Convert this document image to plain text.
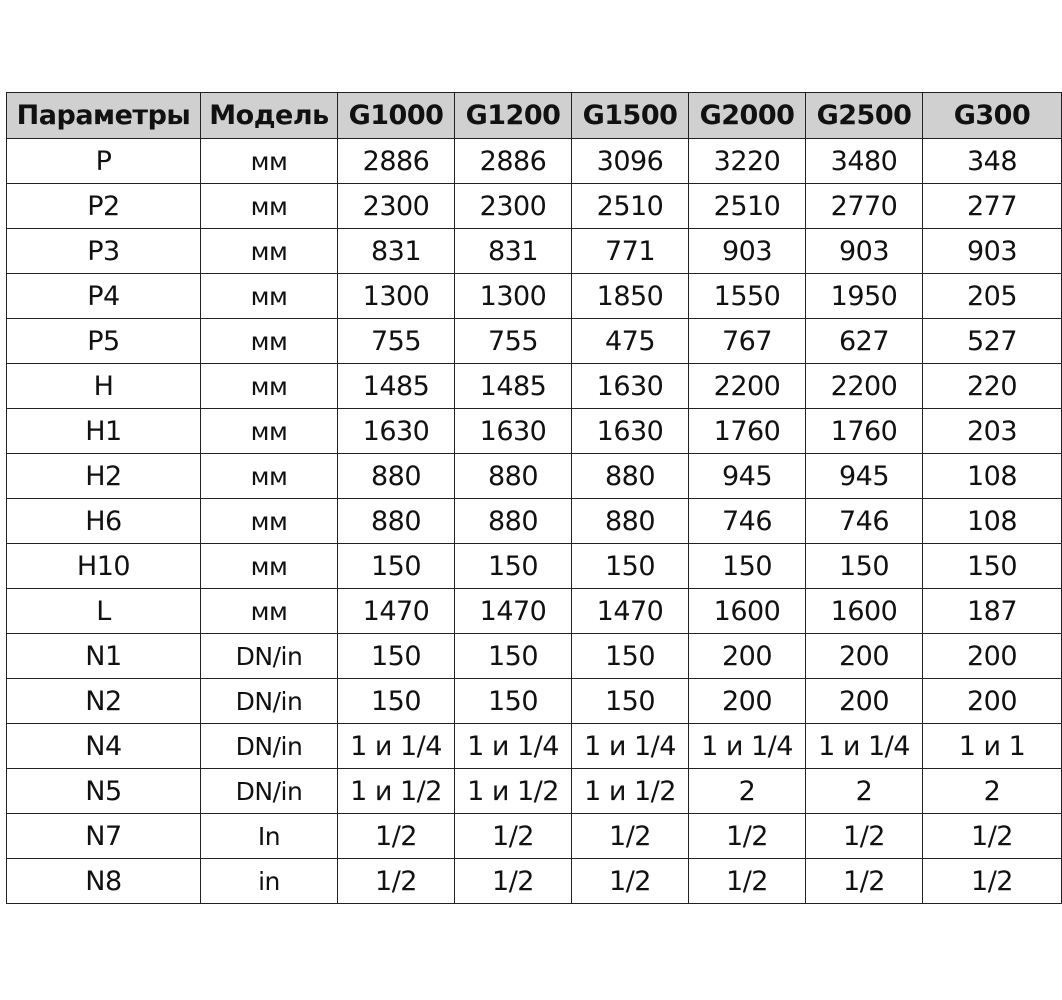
Параметры	Модель	G1000	G1200	G1500	G2000	G2500	G300
P	мм	2886	2886	3096	3220	3480	348
P2	мм	2300	2300	2510	2510	2770	277
P3	мм	831	831	771	903	903	903
P4	мм	1300	1300	1850	1550	1950	205
P5	мм	755	755	475	767	627	527
H	мм	1485	1485	1630	2200	2200	220
H1	мм	1630	1630	1630	1760	1760	203
H2	мм	880	880	880	945	945	108
H6	мм	880	880	880	746	746	108
H10	мм	150	150	150	150	150	150
L	мм	1470	1470	1470	1600	1600	187
N1	DN/in	150	150	150	200	200	200
N2	DN/in	150	150	150	200	200	200
N4	DN/in	1 и 1/4	1 и 1/4	1 и 1/4	1 и 1/4	1 и 1/4	1 и 1
N5	DN/in	1 и 1/2	1 и 1/2	1 и 1/2	2	2	2
N7	In	1/2	1/2	1/2	1/2	1/2	1/2
N8	in	1/2	1/2	1/2	1/2	1/2	1/2
